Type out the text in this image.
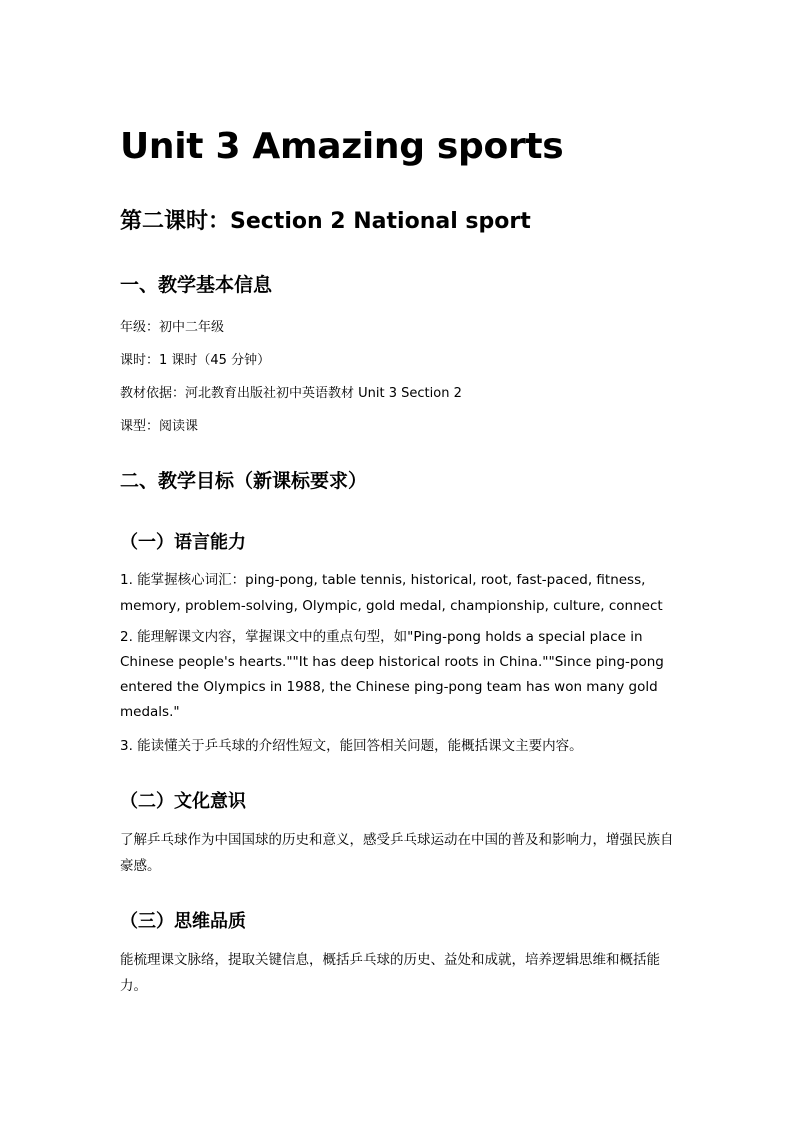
Unit 3 Amazing sports
第二课时：Section 2 National sport
一、教学基本信息
年级：初中二年级
课时：1 课时（45 分钟）
教材依据：河北教育出版社初中英语教材 Unit 3 Section 2
课型：阅读课
二、教学目标（新课标要求）
（一）语言能力
1. 能掌握核心词汇：ping-pong, table tennis, historical, root, fast-paced, fitness, memory, problem-solving, Olympic, gold medal, championship, culture, connect
2. 能理解课文内容，掌握课文中的重点句型，如"Ping-pong holds a special place in Chinese people's hearts.""It has deep historical roots in China.""Since ping-pong entered the Olympics in 1988, the Chinese ping-pong team has won many gold medals."
3. 能读懂关于乒乓球的介绍性短文，能回答相关问题，能概括课文主要内容。
（二）文化意识
了解乒乓球作为中国国球的历史和意义，感受乒乓球运动在中国的普及和影响力，增强民族自豪感。
（三）思维品质
能梳理课文脉络，提取关键信息，概括乒乓球的历史、益处和成就，培养逻辑思维和概括能力。
